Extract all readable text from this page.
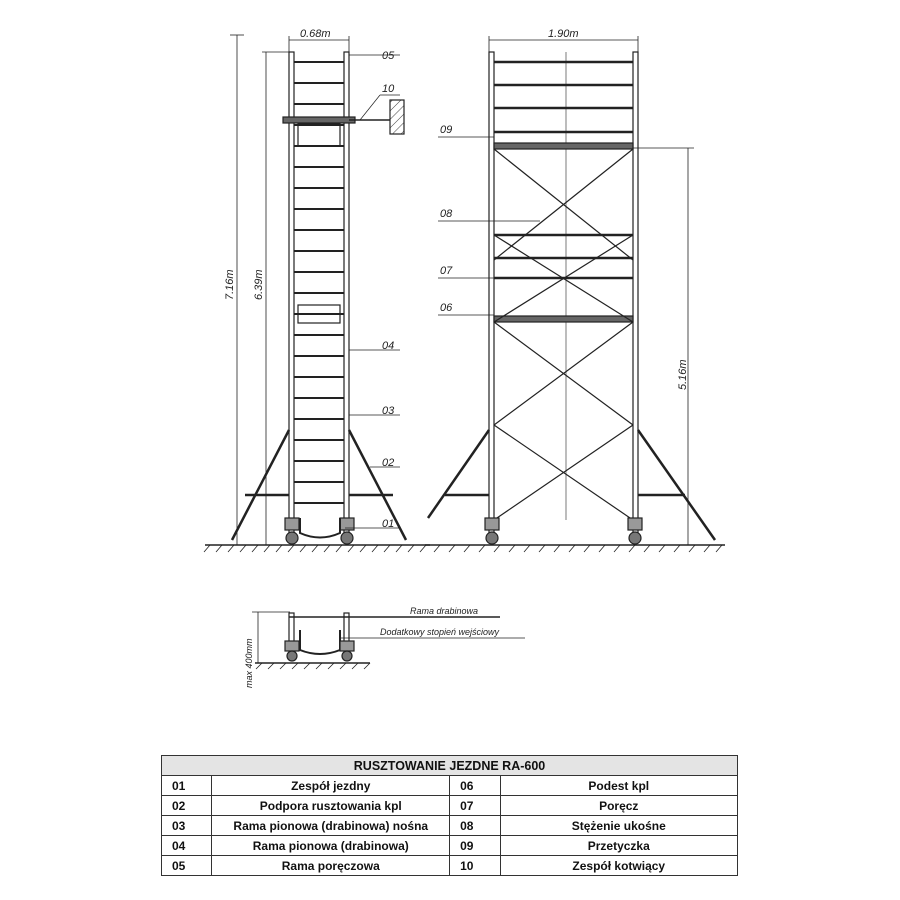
0.68m
7.16m 6.39m
05
10
04
03
02
01
1.90m
5.16m
09
08
07
06
Rama drabinowa
Dodatkowy stopień wejściowy
max 400mm
RUSZTOWANIE JEZDNE RA-600			
01	Zespół jezdny	06	Podest kpl
02	Podpora rusztowania kpl	07	Poręcz
03	Rama pionowa (drabinowa) nośna	08	Stężenie ukośne
04	Rama pionowa (drabinowa)	09	Przetyczka
05	Rama poręczowa	10	Zespół kotwiący
